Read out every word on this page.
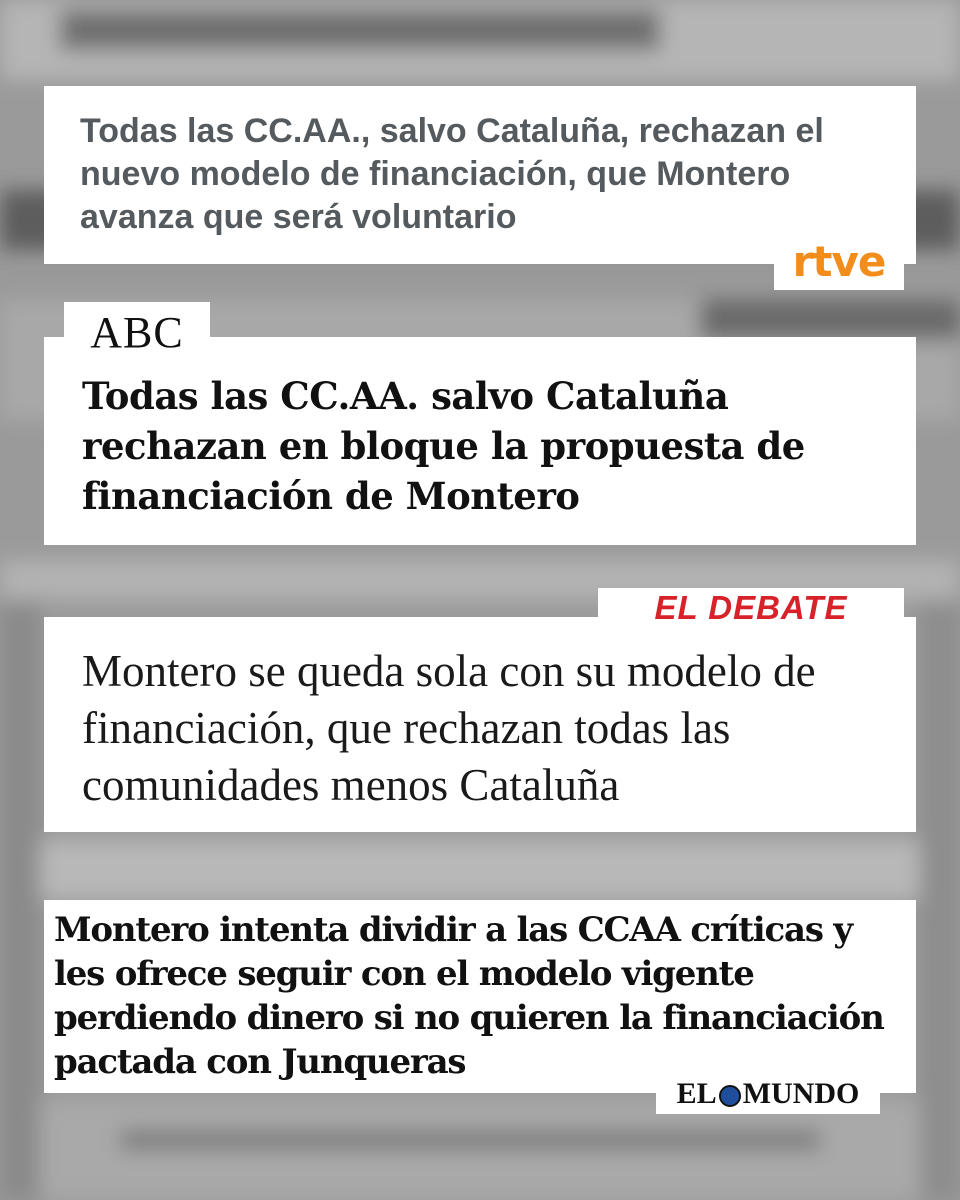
Todas las CC.AA., salvo Cataluña, rechazan el nuevo modelo de financiación, que Montero avanza que será voluntario

rtve

Todas las CC.AA. salvo Cataluña rechazan en bloque la propuesta de financiación de Montero

ABC

Montero se queda sola con su modelo de financiación, que rechazan todas las comunidades menos Cataluña

EL DEBATE

Montero intenta dividir a las CCAA críticas y les ofrece seguir con el modelo vigente perdiendo dinero si no quieren la financiación pactada con Junqueras

EL MUNDO
